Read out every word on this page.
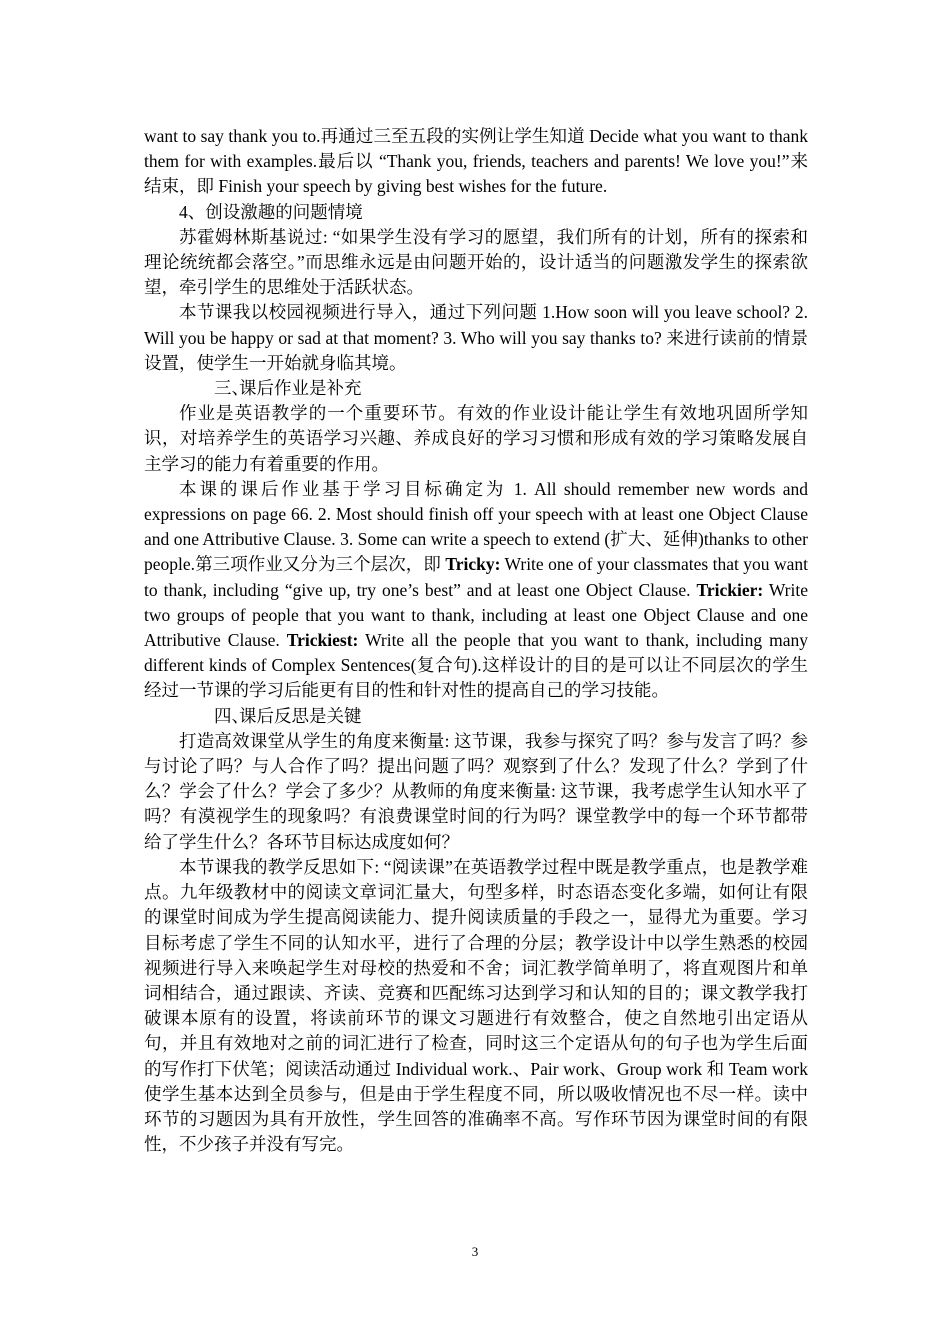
want to say thank you to.再通过三至五段的实例让学生知道 Decide what you want to thank them for with examples.最后以 “Thank you, friends, teachers and parents! We love you!”来结束，即 Finish your speech by giving best wishes for the future.

4、创设激趣的问题情境

苏霍姆林斯基说过: “如果学生没有学习的愿望，我们所有的计划，所有的探索和理论统统都会落空。”而思维永远是由问题开始的，设计适当的问题激发学生的探索欲望，牵引学生的思维处于活跃状态。

本节课我以校园视频进行导入，通过下列问题 1.How soon will you leave school? 2. Will you be happy or sad at that moment? 3. Who will you say thanks to? 来进行读前的情景设置，使学生一开始就身临其境。

三、课后作业是补充

作业是英语教学的一个重要环节。有效的作业设计能让学生有效地巩固所学知识，对培养学生的英语学习兴趣、养成良好的学习习惯和形成有效的学习策略发展自主学习的能力有着重要的作用。

本课的课后作业基于学习目标确定为 1. All should remember new words and expressions on page 66. 2. Most should finish off your speech with at least one Object Clause and one Attributive Clause. 3. Some can write a speech to extend (扩大、延伸)thanks to other people.第三项作业又分为三个层次，即 Tricky: Write one of your classmates that you want to thank, including “give up, try one’s best” and at least one Object Clause. Trickier: Write two groups of people that you want to thank, including at least one Object Clause and one Attributive Clause. Trickiest: Write all the people that you want to thank, including many different kinds of Complex Sentences(复合句).这样设计的目的是可以让不同层次的学生经过一节课的学习后能更有目的性和针对性的提高自己的学习技能。

四、课后反思是关键

打造高效课堂从学生的角度来衡量: 这节课，我参与探究了吗？参与发言了吗？参与讨论了吗？与人合作了吗？提出问题了吗？观察到了什么？发现了什么？学到了什么？学会了什么？学会了多少？从教师的角度来衡量: 这节课，我考虑学生认知水平了吗？有漠视学生的现象吗？有浪费课堂时间的行为吗？课堂教学中的每一个环节都带给了学生什么？各环节目标达成度如何？

本节课我的教学反思如下: “阅读课”在英语教学过程中既是教学重点，也是教学难点。九年级教材中的阅读文章词汇量大，句型多样，时态语态变化多端，如何让有限的课堂时间成为学生提高阅读能力、提升阅读质量的手段之一，显得尤为重要。学习目标考虑了学生不同的认知水平，进行了合理的分层；教学设计中以学生熟悉的校园视频进行导入来唤起学生对母校的热爱和不舍；词汇教学简单明了，将直观图片和单词相结合，通过跟读、齐读、竞赛和匹配练习达到学习和认知的目的；课文教学我打破课本原有的设置，将读前环节的课文习题进行有效整合，使之自然地引出定语从句，并且有效地对之前的词汇进行了检查，同时这三个定语从句的句子也为学生后面的写作打下伏笔；阅读活动通过 Individual work.、Pair work、Group work 和 Team work 使学生基本达到全员参与，但是由于学生程度不同，所以吸收情况也不尽一样。读中环节的习题因为具有开放性，学生回答的准确率不高。写作环节因为课堂时间的有限性，不少孩子并没有写完。

3
